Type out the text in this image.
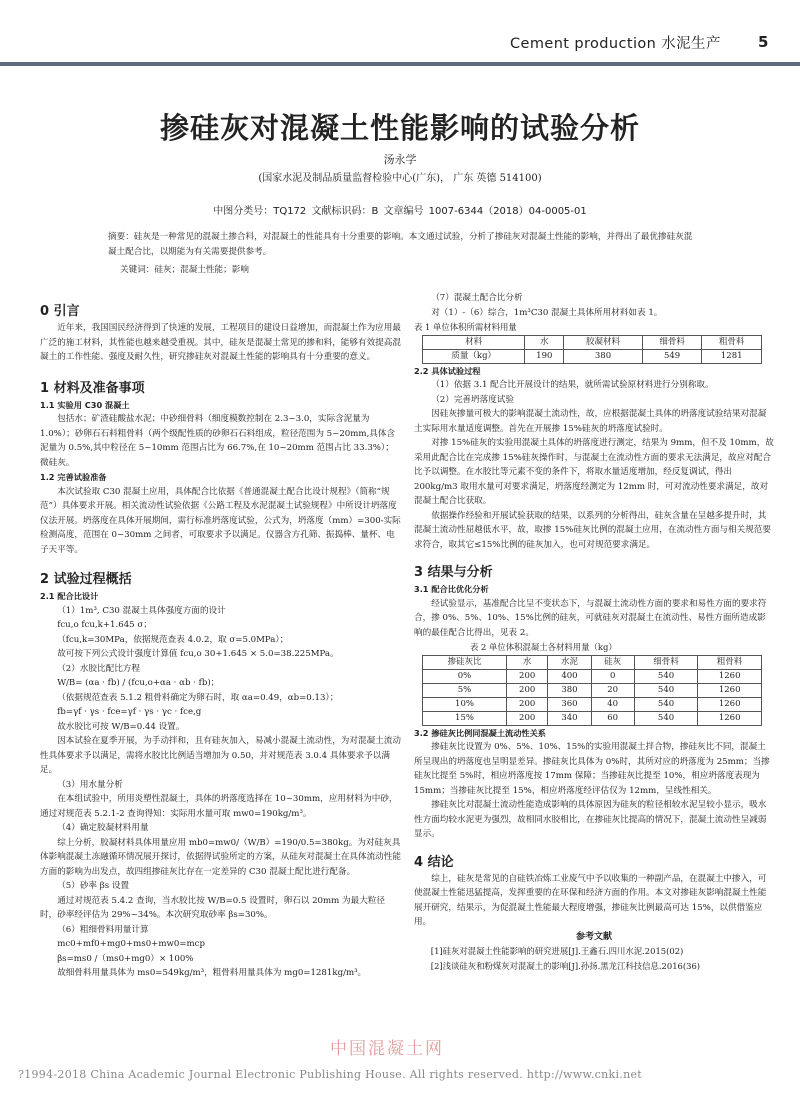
Cement production 水泥生产 5
掺硅灰对混凝土性能影响的试验分析
汤永学
(国家水泥及制品质量监督检验中心(广东)， 广东 英德 514100)
中图分类号：TQ172 文献标识码：B 文章编号 1007-6344（2018）04-0005-01
摘要：硅灰是一种常见的混凝土掺合料，对混凝土的性能具有十分重要的影响。本文通过试验，分析了掺硅灰对混凝土性能的影响，并得出了最优掺硅灰混凝土配合比，以期能为有关需要提供参考。
关键词：硅灰；混凝土性能；影响
0 引言

近年来，我国国民经济得到了快速的发展，工程项目的建设日益增加，而混凝土作为应用最广泛的施工材料，其性能也越来越受重视。其中，硅灰是混凝土常见的掺和料，能够有效提高混凝土的工作性能、强度及耐久性，研究掺硅灰对混凝土性能的影响具有十分重要的意义。

1 材料及准备事项
1.1 实验用 C30 混凝土

包括水；矿渣硅酸盐水泥；中砂细骨料（细度模数控制在 2.3~3.0，实际含泥量为 1.0%）；砂卵石石料粗骨料（两个级配性质的砂卵石石料组成，粒径范围为 5~20mm,具体含泥量为 0.5%,其中粒径在 5~10mm 范围占比为 66.7%,在 10~20mm 范围占比 33.3%）；微硅灰。

1.2 完善试验准备

本次试验取 C30 混凝土应用，具体配合比依据《普通混凝土配合比设计规程》（简称“规范”）具体要求开展。相关流动性试验依据《公路工程及水泥混凝土试验规程》中所设计坍落度仪法开展。坍落度在具体开展期间，需行标准坍落度试验，公式为，坍落度（mm）=300-实际检测高度，范围在 0~30mm 之间者，可取要求予以满足。仪器含方孔筛、振捣棒、量杯、电子天平等。

2 试验过程概括
2.1 配合比设计

（1）1m³, C30 混凝土具体强度方面的设计

fcu,o fcu,k+1.645 σ；

（fcu,k=30MPa，依据规范查表 4.0.2，取 σ=5.0MPa）；

故可按下列公式设计强度计算值 fcu,o 30+1.645 × 5.0=38.225MPa。

（2）水胶比配比方程

W/B= (αa · fb) / (fcu,o+αa · αb · fb)；

（依据规范查表 5.1.2 粗骨料确定为卵石时，取 αa=0.49，αb=0.13）；

fb=γf · γs · fce=γf · γs · γc · fce,g

故水胶比可按 W/B=0.44 设置。

因本试验在夏季开展，为手动拌和，且有硅灰加入，易减小混凝土流动性，为对混凝土流动性具体要求予以满足，需将水胶比比例适当增加为 0.50，并对规范表 3.0.4 具体要求予以满足。

（3）用水量分析

在本组试验中，所用炎塑性混凝土，具体的坍落度选择在 10~30mm，应用材料为中砂，通过对规范表 5.2.1-2 查询得知：实际用水量可取 mw0=190kg/m³。

（4）确定胶凝材料用量

综上分析，胶凝材料具体用量应用 mb0=mw0/（W/B）=190/0.5=380kg。为对硅灰具体影响混凝土冻融循环情况展开探讨，依据得试验所定的方案，从硅灰对混凝土在具体流动性能方面的影响为出发点，故四组掺硅灰比存在一定差异的 C30 混凝土配比进行配备。

（5）砂率 βs 设置

通过对规范表 5.4.2 查询，当水胶比按 W/B=0.5 设置时，卵石以 20mm 为最大粒径时，砂率经评估为 29%~34%。本次研究取砂率 βs=30%。

（6）粗细骨料用量计算

mc0+mf0+mg0+ms0+mw0=mcp

βs=ms0 /（ms0+mg0）× 100%

故细骨料用量具体为 ms0=549kg/m³，粗骨料用量具体为 mg0=1281kg/m³。

（7）混凝土配合比分析

对（1）-（6）综合，1m³C30 混凝土具体所用材料如表 1。

表 1 单位体积所需材料用量
材料	水	胶凝材料	细骨料	粗骨料
质量（kg）	190	380	549	1281
2.2 具体试验过程

（1）依据 3.1 配合比开展设计的结果，就所需试验原材料进行分别称取。

（2）完善坍落度试验

因硅灰掺量可极大的影响混凝土流动性，故，应根据混凝土具体的坍落度试验结果对混凝土实际用水量适度调整。首先在开展掺 15%硅灰的坍落度试验时。

对掺 15%硅灰的实验用混凝土具体的坍落度进行测定，结果为 9mm，但不及 10mm，故采用此配合比在完成掺 15%硅灰操作时，与混凝土在流动性方面的要求无法满足，故应对配合比予以调整。在水胶比等元素不变的条件下，将取水量适度增加，经反复调试，得出 200kg/m3 取用水量可对要求满足，坍落度经测定为 12mm 时，可对流动性要求满足，故对混凝土配合比获取。

依据操作经验和开展试验获取的结果，以系列的分析得出，硅灰含量在呈越多提升时，其混凝土流动性屈越低水平，故，取掺 15%硅灰比例的混凝土应用，在流动性方面与相关规范要求符合，取其它≤15%比例的硅灰加入，也可对规范要求满足。

3 结果与分析
3.1 配合比优化分析

经试验显示，基准配合比呈不变状态下，与混凝土流动性方面的要求和易性方面的要求符合，掺 0%、5%、10%、15%比例的硅灰，可就硅灰对混凝土在流动性、易性方面所造成影响的最佳配合比得出，见表 2。

表 2 单位体积混凝土各材料用量（kg）
掺硅灰比	水	水泥	硅灰	细骨料	粗骨料
0%	200	400	0	540	1260
5%	200	380	20	540	1260
10%	200	360	40	540	1260
15%	200	340	60	540	1260
3.2 掺硅灰比例同混凝土流动性关系

掺硅灰比设置为 0%、5%、10%、15%的实验用混凝土拌合物，掺硅灰比不同，混凝土所呈现出的坍落度也呈明显差异。掺硅灰比具体为 0%时，其所对应的坍落度为 25mm；当掺硅灰比提至 5%时，相应坍落度按 17mm 保障；当掺硅灰比提至 10%，相应坍落度表现为 15mm；当掺硅灰比提至 15%，相应坍落度经评估仅为 12mm，呈线性相关。

掺硅灰比对混凝土流动性能造成影响的具体原因为硅灰的粒径相较水泥呈较小显示，吸水性方面均较水泥更为强烈，故相同水胶相比，在掺硅灰比提高的情况下，混凝土流动性呈减弱显示。

4 结论

综上，硅灰是常见的自硅铁冶炼工业废气中予以收集的一种副产品，在混凝土中掺入，可使混凝土性能迅猛提高，发挥重要的在环保和经济方面的作用。本文对掺硅灰影响混凝土性能展开研究，结果示，为促混凝土性能最大程度增强，掺硅灰比例最高可达 15%，以供借鉴应用。

参考文献
[1]硅灰对混凝土性能影响的研究进展[J].王鑫石.四川水泥.2015(02)
[2]浅谈硅灰和粉煤灰对混凝土的影响[J].孙扬.黑龙江科技信息.2016(36)
中国混凝土网
?1994-2018 China Academic Journal Electronic Publishing House. All rights reserved. http://www.cnki.net
